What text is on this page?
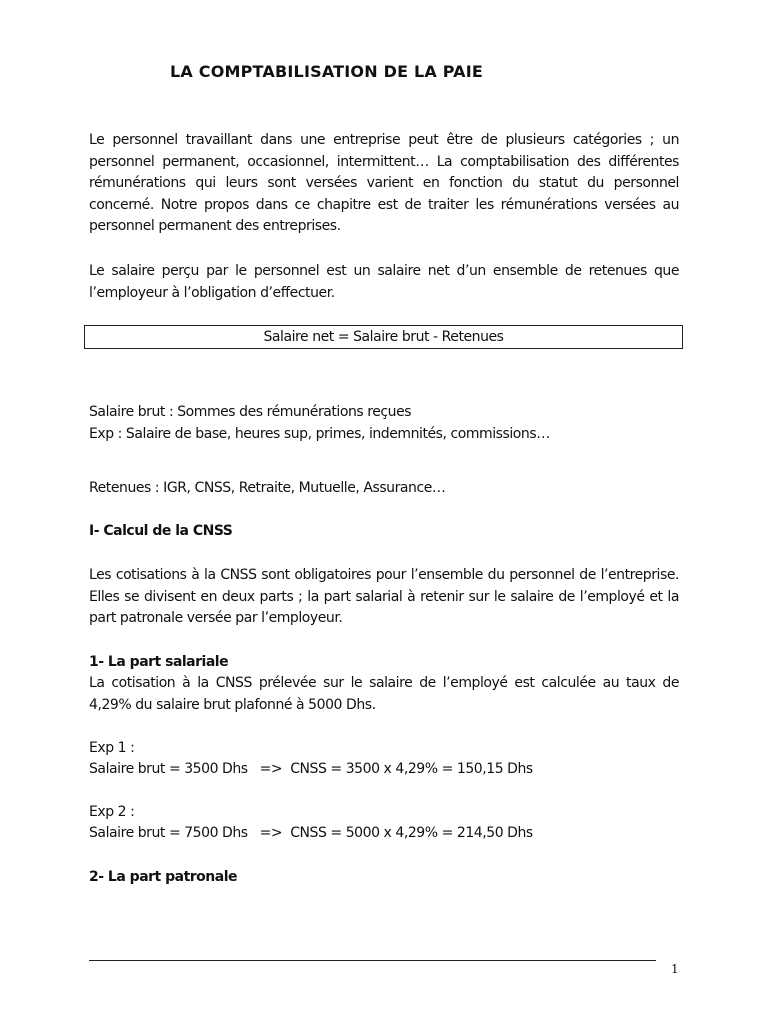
LA COMPTABILISATION DE LA PAIE
Le personnel travaillant dans une entreprise peut être de plusieurs catégories ; un personnel permanent, occasionnel, intermittent… La comptabilisation des différentes rémunérations qui leurs sont versées varient en fonction du statut du personnel concerné. Notre propos dans ce chapitre est de traiter les rémunérations versées au personnel permanent des entreprises.
Le salaire perçu par le personnel est un salaire net d’un ensemble de retenues que l’employeur à l’obligation d’effectuer.
Salaire net = Salaire brut - Retenues
Salaire brut : Sommes des rémunérations reçues
Exp : Salaire de base, heures sup, primes, indemnités, commissions…
Retenues : IGR, CNSS, Retraite, Mutuelle, Assurance…
I- Calcul de la CNSS
Les cotisations à la CNSS sont obligatoires pour l’ensemble du personnel de l’entreprise. Elles se divisent en deux parts ; la part salarial à retenir sur le salaire de l’employé et la part patronale versée par l’employeur.
1- La part salariale
La cotisation à la CNSS prélevée sur le salaire de l’employé est calculée au taux de 4,29% du salaire brut plafonné à 5000 Dhs.
Exp 1 :
Salaire brut = 3500 Dhs   =>  CNSS = 3500 x 4,29% = 150,15 Dhs
Exp 2 :
Salaire brut = 7500 Dhs   =>  CNSS = 5000 x 4,29% = 214,50 Dhs
2- La part patronale
1
